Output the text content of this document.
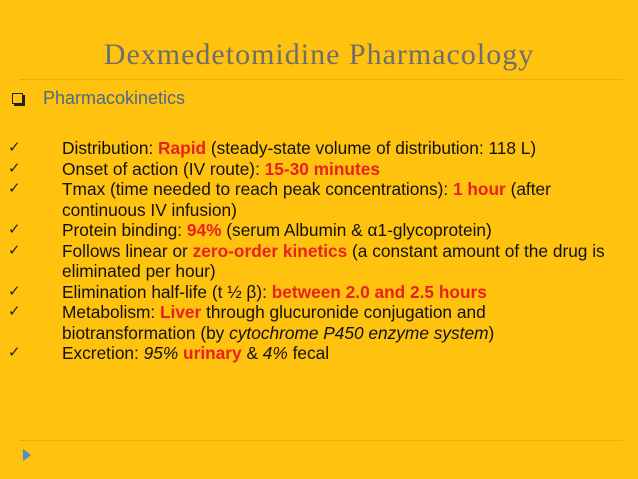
Dexmedetomidine Pharmacology
Pharmacokinetics
✓ Distribution: Rapid (steady-state volume of distribution: 118 L)
✓ Onset of action (IV route): 15-30 minutes
✓ Tmax (time needed to reach peak concentrations): 1 hour (after continuous IV infusion)
✓ Protein binding: 94% (serum Albumin & α1-glycoprotein)
✓ Follows linear or zero-order kinetics (a constant amount of the drug is eliminated per hour)
✓ Elimination half-life (t ½ β): between 2.0 and 2.5 hours
✓ Metabolism: Liver through glucuronide conjugation and biotransformation (by cytochrome P450 enzyme system)
✓ Excretion: 95% urinary & 4% fecal
